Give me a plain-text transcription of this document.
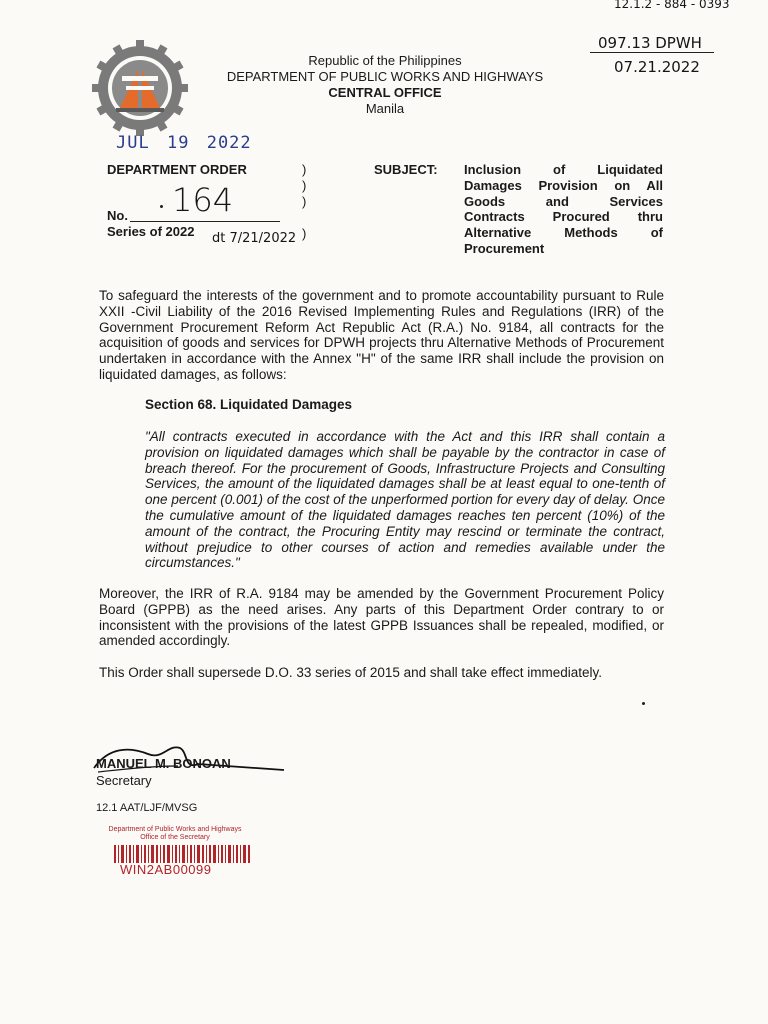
Republic of the Philippines
DEPARTMENT OF PUBLIC WORKS AND HIGHWAYS
CENTRAL OFFICE
Manila
12.1.2 - 884 - 0393
097.13 DPWH
07.21.2022
JUL 19 2022
DEPARTMENT ORDER	)
)
)
No. 164
Series of 2022 dt 7/21/2022 )
SUBJECT: Inclusion of Liquidated
Damages Provision on All
Goods and Services
Contracts Procured thru
Alternative Methods of
Procurement
To safeguard the interests of the government and to promote accountability pursuant to Rule XXII -Civil Liability of the 2016 Revised Implementing Rules and Regulations (IRR) of the Government Procurement Reform Act Republic Act (R.A.) No. 9184, all contracts for the acquisition of goods and services for DPWH projects thru Alternative Methods of Procurement undertaken in accordance with the Annex "H" of the same IRR shall include the provision on liquidated damages, as follows:
Section 68. Liquidated Damages
"All contracts executed in accordance with the Act and this IRR shall contain a provision on liquidated damages which shall be payable by the contractor in case of breach thereof. For the procurement of Goods, Infrastructure Projects and Consulting Services, the amount of the liquidated damages shall be at least equal to one-tenth of one percent (0.001) of the cost of the unperformed portion for every day of delay. Once the cumulative amount of the liquidated damages reaches ten percent (10%) of the amount of the contract, the Procuring Entity may rescind or terminate the contract, without prejudice to other courses of action and remedies available under the circumstances."
Moreover, the IRR of R.A. 9184 may be amended by the Government Procurement Policy Board (GPPB) as the need arises. Any parts of this Department Order contrary to or inconsistent with the provisions of the latest GPPB Issuances shall be repealed, modified, or amended accordingly.
This Order shall supersede D.O. 33 series of 2015 and shall take effect immediately.
MANUEL M. BONOAN
Secretary
12.1 AAT/LJF/MVSG
Department of Public Works and Highways
Office of the Secretary
WIN2AB00099
